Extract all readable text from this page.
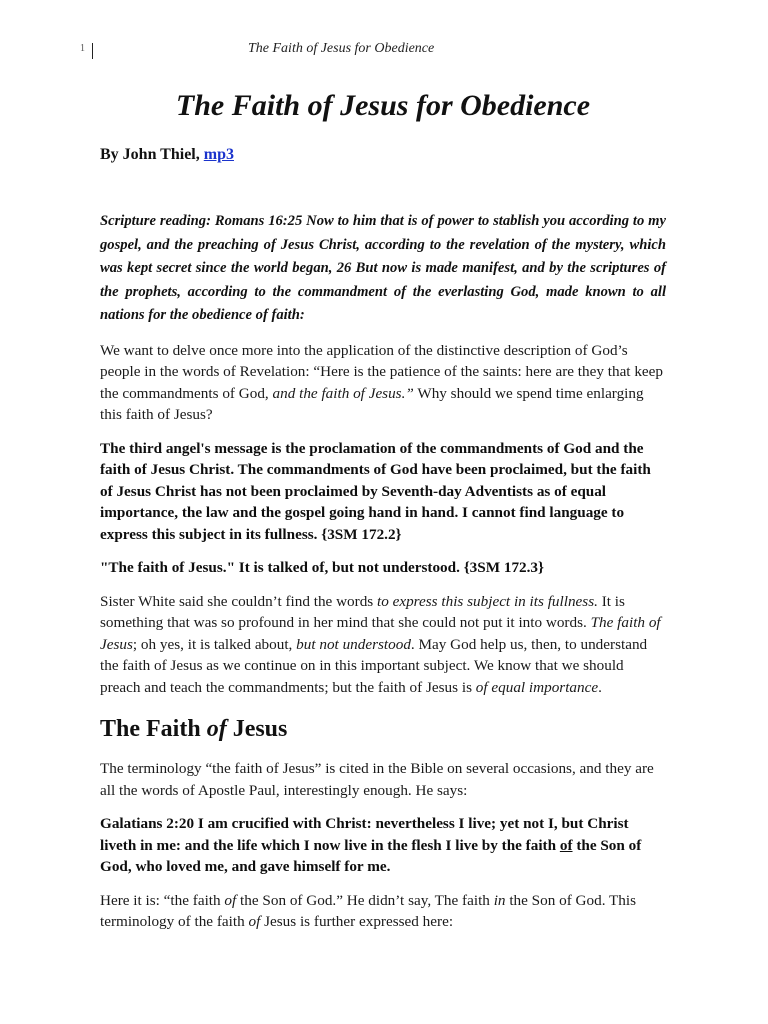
1	The Faith of Jesus for Obedience
The Faith of Jesus for Obedience

By John Thiel, mp3

Scripture reading: Romans 16:25 Now to him that is of power to stablish you according to my gospel, and the preaching of Jesus Christ, according to the revelation of the mystery, which was kept secret since the world began, 26 But now is made manifest, and by the scriptures of the prophets, according to the commandment of the everlasting God, made known to all nations for the obedience of faith:

We want to delve once more into the application of the distinctive description of God’s people in the words of Revelation: “Here is the patience of the saints: here are they that keep the commandments of God, and the faith of Jesus.” Why should we spend time enlarging this faith of Jesus?

The third angel's message is the proclamation of the commandments of God and the faith of Jesus Christ. The commandments of God have been proclaimed, but the faith of Jesus Christ has not been proclaimed by Seventh-day Adventists as of equal importance, the law and the gospel going hand in hand. I cannot find language to express this subject in its fullness. {3SM 172.2}

"The faith of Jesus." It is talked of, but not understood. {3SM 172.3}

Sister White said she couldn’t find the words to express this subject in its fullness. It is something that was so profound in her mind that she could not put it into words. The faith of Jesus; oh yes, it is talked about, but not understood. May God help us, then, to understand the faith of Jesus as we continue on in this important subject. We know that we should preach and teach the commandments; but the faith of Jesus is of equal importance.

The Faith of Jesus

The terminology “the faith of Jesus” is cited in the Bible on several occasions, and they are all the words of Apostle Paul, interestingly enough. He says:

Galatians 2:20 I am crucified with Christ: nevertheless I live; yet not I, but Christ liveth in me: and the life which I now live in the flesh I live by the faith of the Son of God, who loved me, and gave himself for me.

Here it is: “the faith of the Son of God.” He didn’t say, The faith in the Son of God. This terminology of the faith of Jesus is further expressed here:
